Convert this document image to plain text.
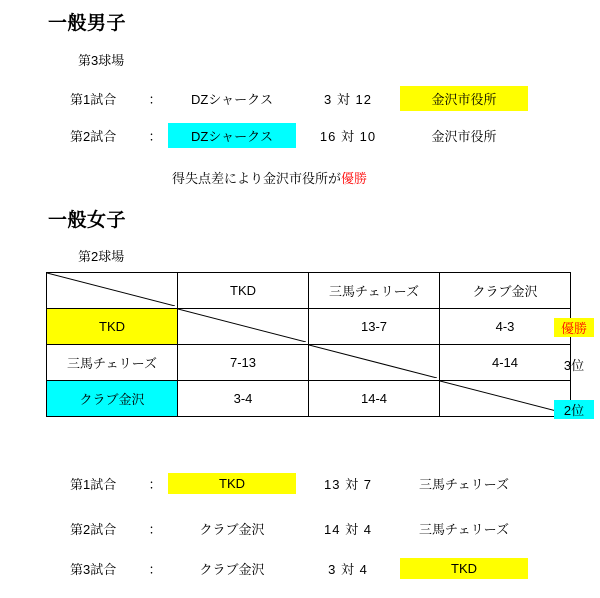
一般男子
第3球場
第1試合	：	DZシャークス	3 対 12	金沢市役所
第2試合	：	DZシャークス	16 対 10	金沢市役所
得失点差により金沢市役所が優勝
一般女子
第2球場
	TKD	三馬チェリーズ	クラブ金沢
TKD		13-7	4-3
三馬チェリーズ	7-13		4-14
クラブ金沢	3-4	14-4	
優勝
3位
2位
第1試合	：	TKD	13 対 7	三馬チェリーズ
第2試合	：	クラブ金沢	14 対 4	三馬チェリーズ
第3試合	：	クラブ金沢	3 対 4	TKD
